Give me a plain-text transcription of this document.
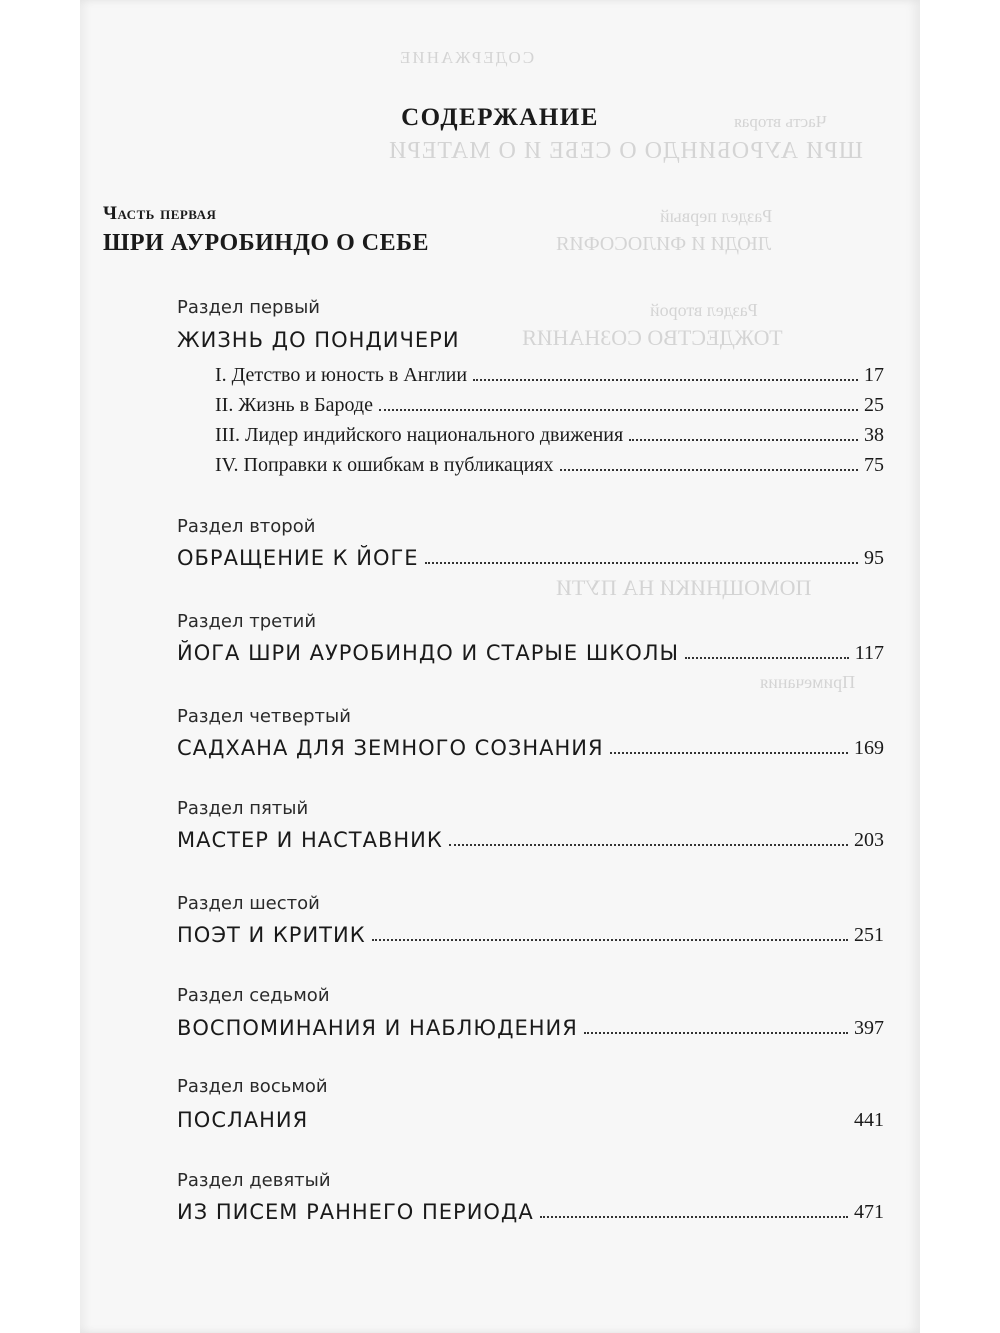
СОДЕРЖАНИЕ
Часть вторая
ШРИ АУРОБИНДО О СЕБЕ И О МАТЕРИ
Раздел первый
ЛЮДИ И ФИЛОСОФИЯ
Раздел второй
ТОЖДЕСТВО СОЗНАНИЯ
ПОМОЩНИКИ НА ПУТИ
Примечания
СОДЕРЖАНИЕ
Часть первая
ШРИ АУРОБИНДО О СЕБЕ
Раздел первый
ЖИЗНЬ ДО ПОНДИЧЕРИ
I. Детство и юность в Англии	17
II. Жизнь в Бароде	25
III. Лидер индийского национального движения	38
IV. Поправки к ошибкам в публикациях	75
Раздел второй
ОБРАЩЕНИЕ К ЙОГЕ	95
Раздел третий
ЙОГА ШРИ АУРОБИНДО И СТАРЫЕ ШКОЛЫ	117
Раздел четвертый
САДХАНА ДЛЯ ЗЕМНОГО СОЗНАНИЯ	169
Раздел пятый
МАСТЕР И НАСТАВНИК	203
Раздел шестой
ПОЭТ И КРИТИК	251
Раздел седьмой
ВОСПОМИНАНИЯ И НАБЛЮДЕНИЯ	397
Раздел восьмой
ПОСЛАНИЯ	441
Раздел девятый
ИЗ ПИСЕМ РАННЕГО ПЕРИОДА	471
